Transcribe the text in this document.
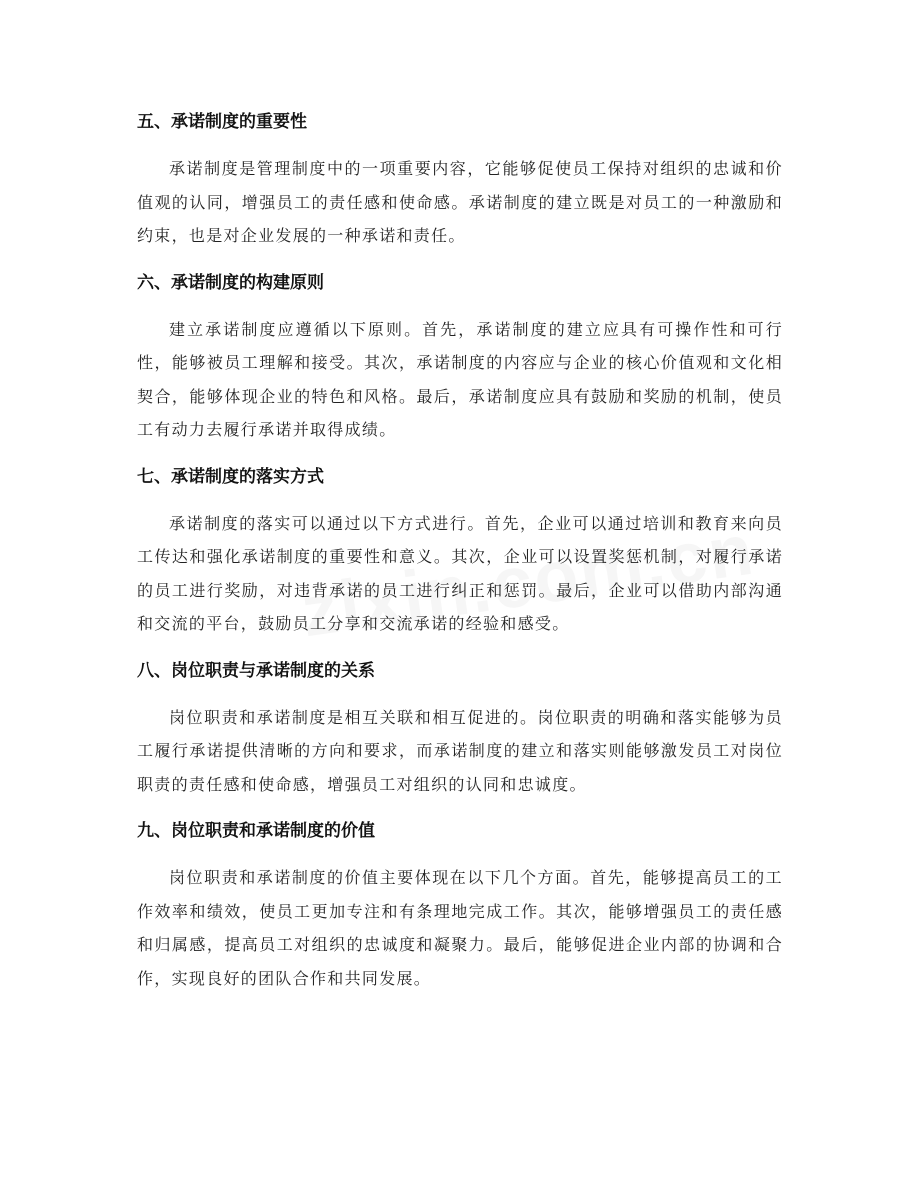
五、承诺制度的重要性

承诺制度是管理制度中的一项重要内容，它能够促使员工保持对组织的忠诚和价值观的认同，增强员工的责任感和使命感。承诺制度的建立既是对员工的一种激励和约束，也是对企业发展的一种承诺和责任。

六、承诺制度的构建原则

建立承诺制度应遵循以下原则。首先，承诺制度的建立应具有可操作性和可行性，能够被员工理解和接受。其次，承诺制度的内容应与企业的核心价值观和文化相契合，能够体现企业的特色和风格。最后，承诺制度应具有鼓励和奖励的机制，使员工有动力去履行承诺并取得成绩。

七、承诺制度的落实方式

承诺制度的落实可以通过以下方式进行。首先，企业可以通过培训和教育来向员工传达和强化承诺制度的重要性和意义。其次，企业可以设置奖惩机制，对履行承诺的员工进行奖励，对违背承诺的员工进行纠正和惩罚。最后，企业可以借助内部沟通和交流的平台，鼓励员工分享和交流承诺的经验和感受。

八、岗位职责与承诺制度的关系

岗位职责和承诺制度是相互关联和相互促进的。岗位职责的明确和落实能够为员工履行承诺提供清晰的方向和要求，而承诺制度的建立和落实则能够激发员工对岗位职责的责任感和使命感，增强员工对组织的认同和忠诚度。

九、岗位职责和承诺制度的价值

岗位职责和承诺制度的价值主要体现在以下几个方面。首先，能够提高员工的工作效率和绩效，使员工更加专注和有条理地完成工作。其次，能够增强员工的责任感和归属感，提高员工对组织的忠诚度和凝聚力。最后，能够促进企业内部的协调和合作，实现良好的团队合作和共同发展。
